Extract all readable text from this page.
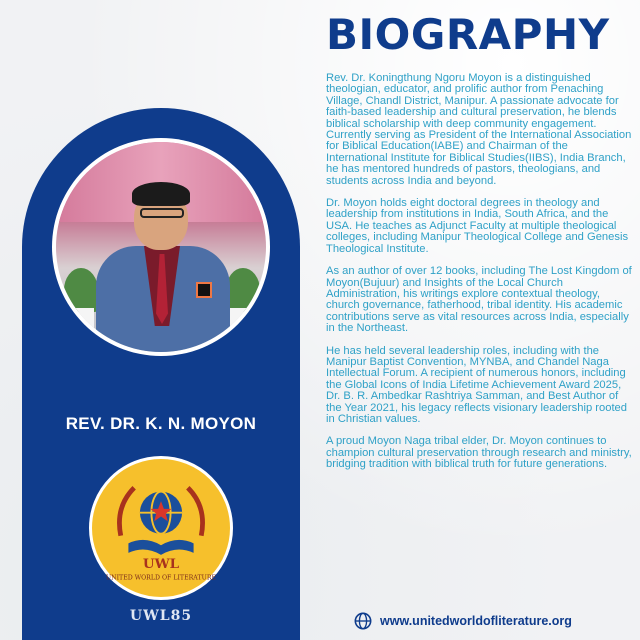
REV. DR. K. N. MOYON
UWL
UNITED WORLD OF LITERATURE
UWL85
BIOGRAPHY

Rev. Dr. Koningthung Ngoru Moyon is a distinguished theologian, educator, and prolific author from Penaching Village, Chandl District, Manipur. A passionate advocate for faith-based leadership and cultural preservation, he blends biblical scholarship with deep community engagement. Currently serving as President of the International Association for Biblical Education(IABE) and Chairman of the International Institute for Biblical Studies(IIBS), India Branch, he has mentored hundreds of pastors, theologians, and students across India and beyond.

Dr. Moyon holds eight doctoral degrees in theology and leadership from institutions in India, South Africa, and the USA. He teaches as Adjunct Faculty at multiple theological colleges, including Manipur Theological College and Genesis Theological Institute.

As an author of over 12 books, including The Lost Kingdom of Moyon(Bujuur) and Insights of the Local Church Administration, his writings explore contextual theology, church governance, fatherhood, tribal identity. His academic contributions serve as vital resources across India, especially in the Northeast.

He has held several leadership roles, including with the Manipur Baptist Convention, MYNBA, and Chandel Naga Intellectual Forum. A recipient of numerous honors, including the Global Icons of India Lifetime Achievement Award 2025, Dr. B. R. Ambedkar Rashtriya Samman, and Best Author of the Year 2021, his legacy reflects visionary leadership rooted in Christian values.

A proud Moyon Naga tribal elder, Dr. Moyon continues to champion cultural preservation through research and ministry, bridging tradition with biblical truth for future generations.

www.unitedworldofliterature.org
